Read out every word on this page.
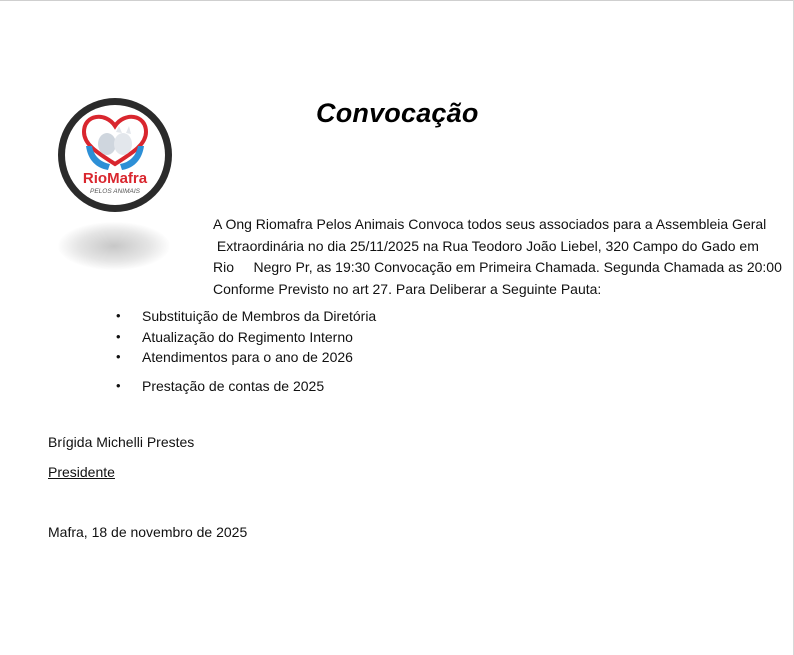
RioMafra
PELOS ANIMAIS
Convocação
A Ong Riomafra Pelos Animais Convoca todos seus associados para a Assembleia Geral
Extraordinária no dia 25/11/2025 na Rua Teodoro João Liebel, 320 Campo do Gado em
Rio     Negro Pr, as 19:30 Convocação em Primeira Chamada. Segunda Chamada as 20:00
Conforme Previsto no art 27. Para Deliberar a Seguinte Pauta:
• Substituição de Membros da Diretória
• Atualização do Regimento Interno
• Atendimentos para o ano de 2026
• Prestação de contas de 2025
Brígida Michelli Prestes
Presidente
Mafra, 18 de novembro de 2025
